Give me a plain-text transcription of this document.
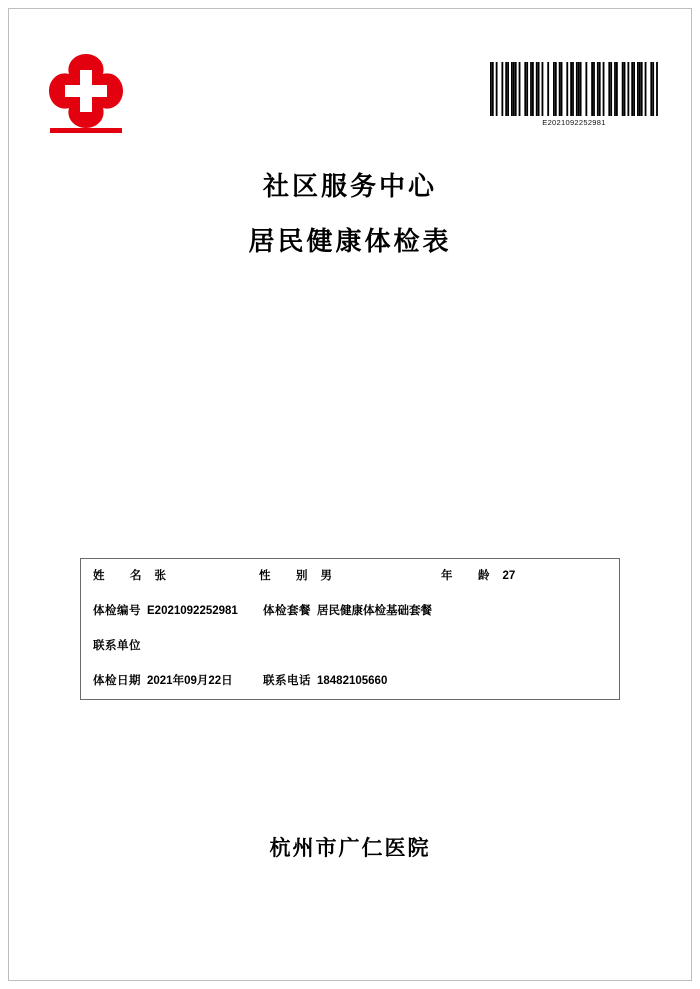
E2021092252981
社区服务中心
居民健康体检表
姓　名 张	性　别 男	年　龄 27
体检编号 E2021092252981 体检套餐 居民健康体检基础套餐
联系单位
体检日期 2021年09月22日	联系电话 18482105660
杭州市广仁医院
